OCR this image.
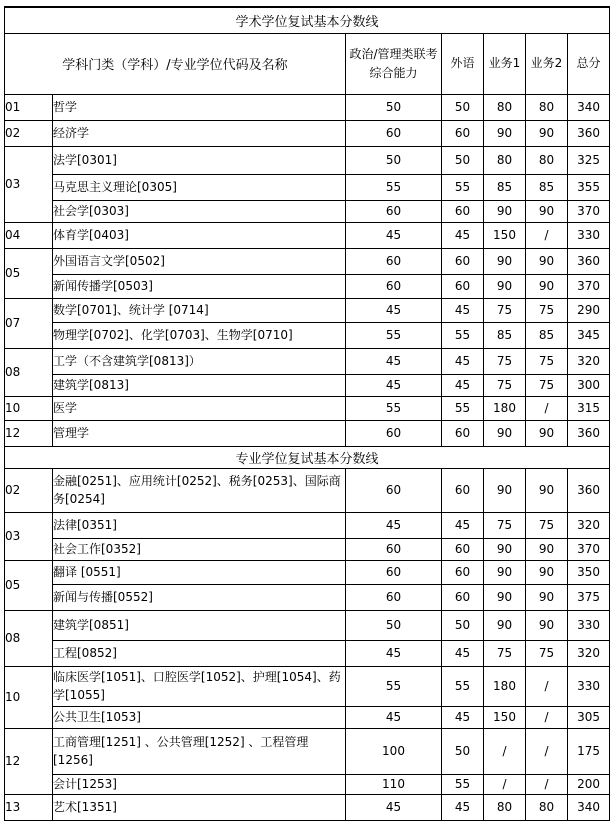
学术学位复试基本分数线						
学科门类（学科）/专业学位代码及名称		政治/管理类联考综合能力	外语	业务1	业务2	总分
01	哲学	50	50	80	80	340
02	经济学	60	60	90	90	360
03	法学[0301]	50	50	80	80	325
	马克思主义理论[0305]	55	55	85	85	355
	社会学[0303]	60	60	90	90	370
04	体育学[0403]	45	45	150	/	330
05	外国语言文学[0502]	60	60	90	90	360
	新闻传播学[0503]	60	60	90	90	370
07	数学[0701]、统计学 [0714]	45	45	75	75	290
	物理学[0702]、化学[0703]、生物学[0710]	55	55	85	85	345
08	工学（不含建筑学[0813]）	45	45	75	75	320
	建筑学[0813]	45	45	75	75	300
10	医学	55	55	180	/	315
12	管理学	60	60	90	90	360
专业学位复试基本分数线						
02	金融[0251]、应用统计[0252]、税务[0253]、国际商务[0254]	60	60	90	90	360
03	法律[0351]	45	45	75	75	320
	社会工作[0352]	60	60	90	90	370
05	翻译 [0551]	60	60	90	90	350
	新闻与传播[0552]	60	60	90	90	375
08	建筑学[0851]	50	50	90	90	330
	工程[0852]	45	45	75	75	320
10	临床医学[1051]、口腔医学[1052]、护理[1054]、药学[1055]	55	55	180	/	330
	公共卫生[1053]	45	45	150	/	305
12	工商管理[1251] 、公共管理[1252] 、工程管理[1256]	100	50	/	/	175
	会计[1253]	110	55	/	/	200
13	艺术[1351]	45	45	80	80	340
